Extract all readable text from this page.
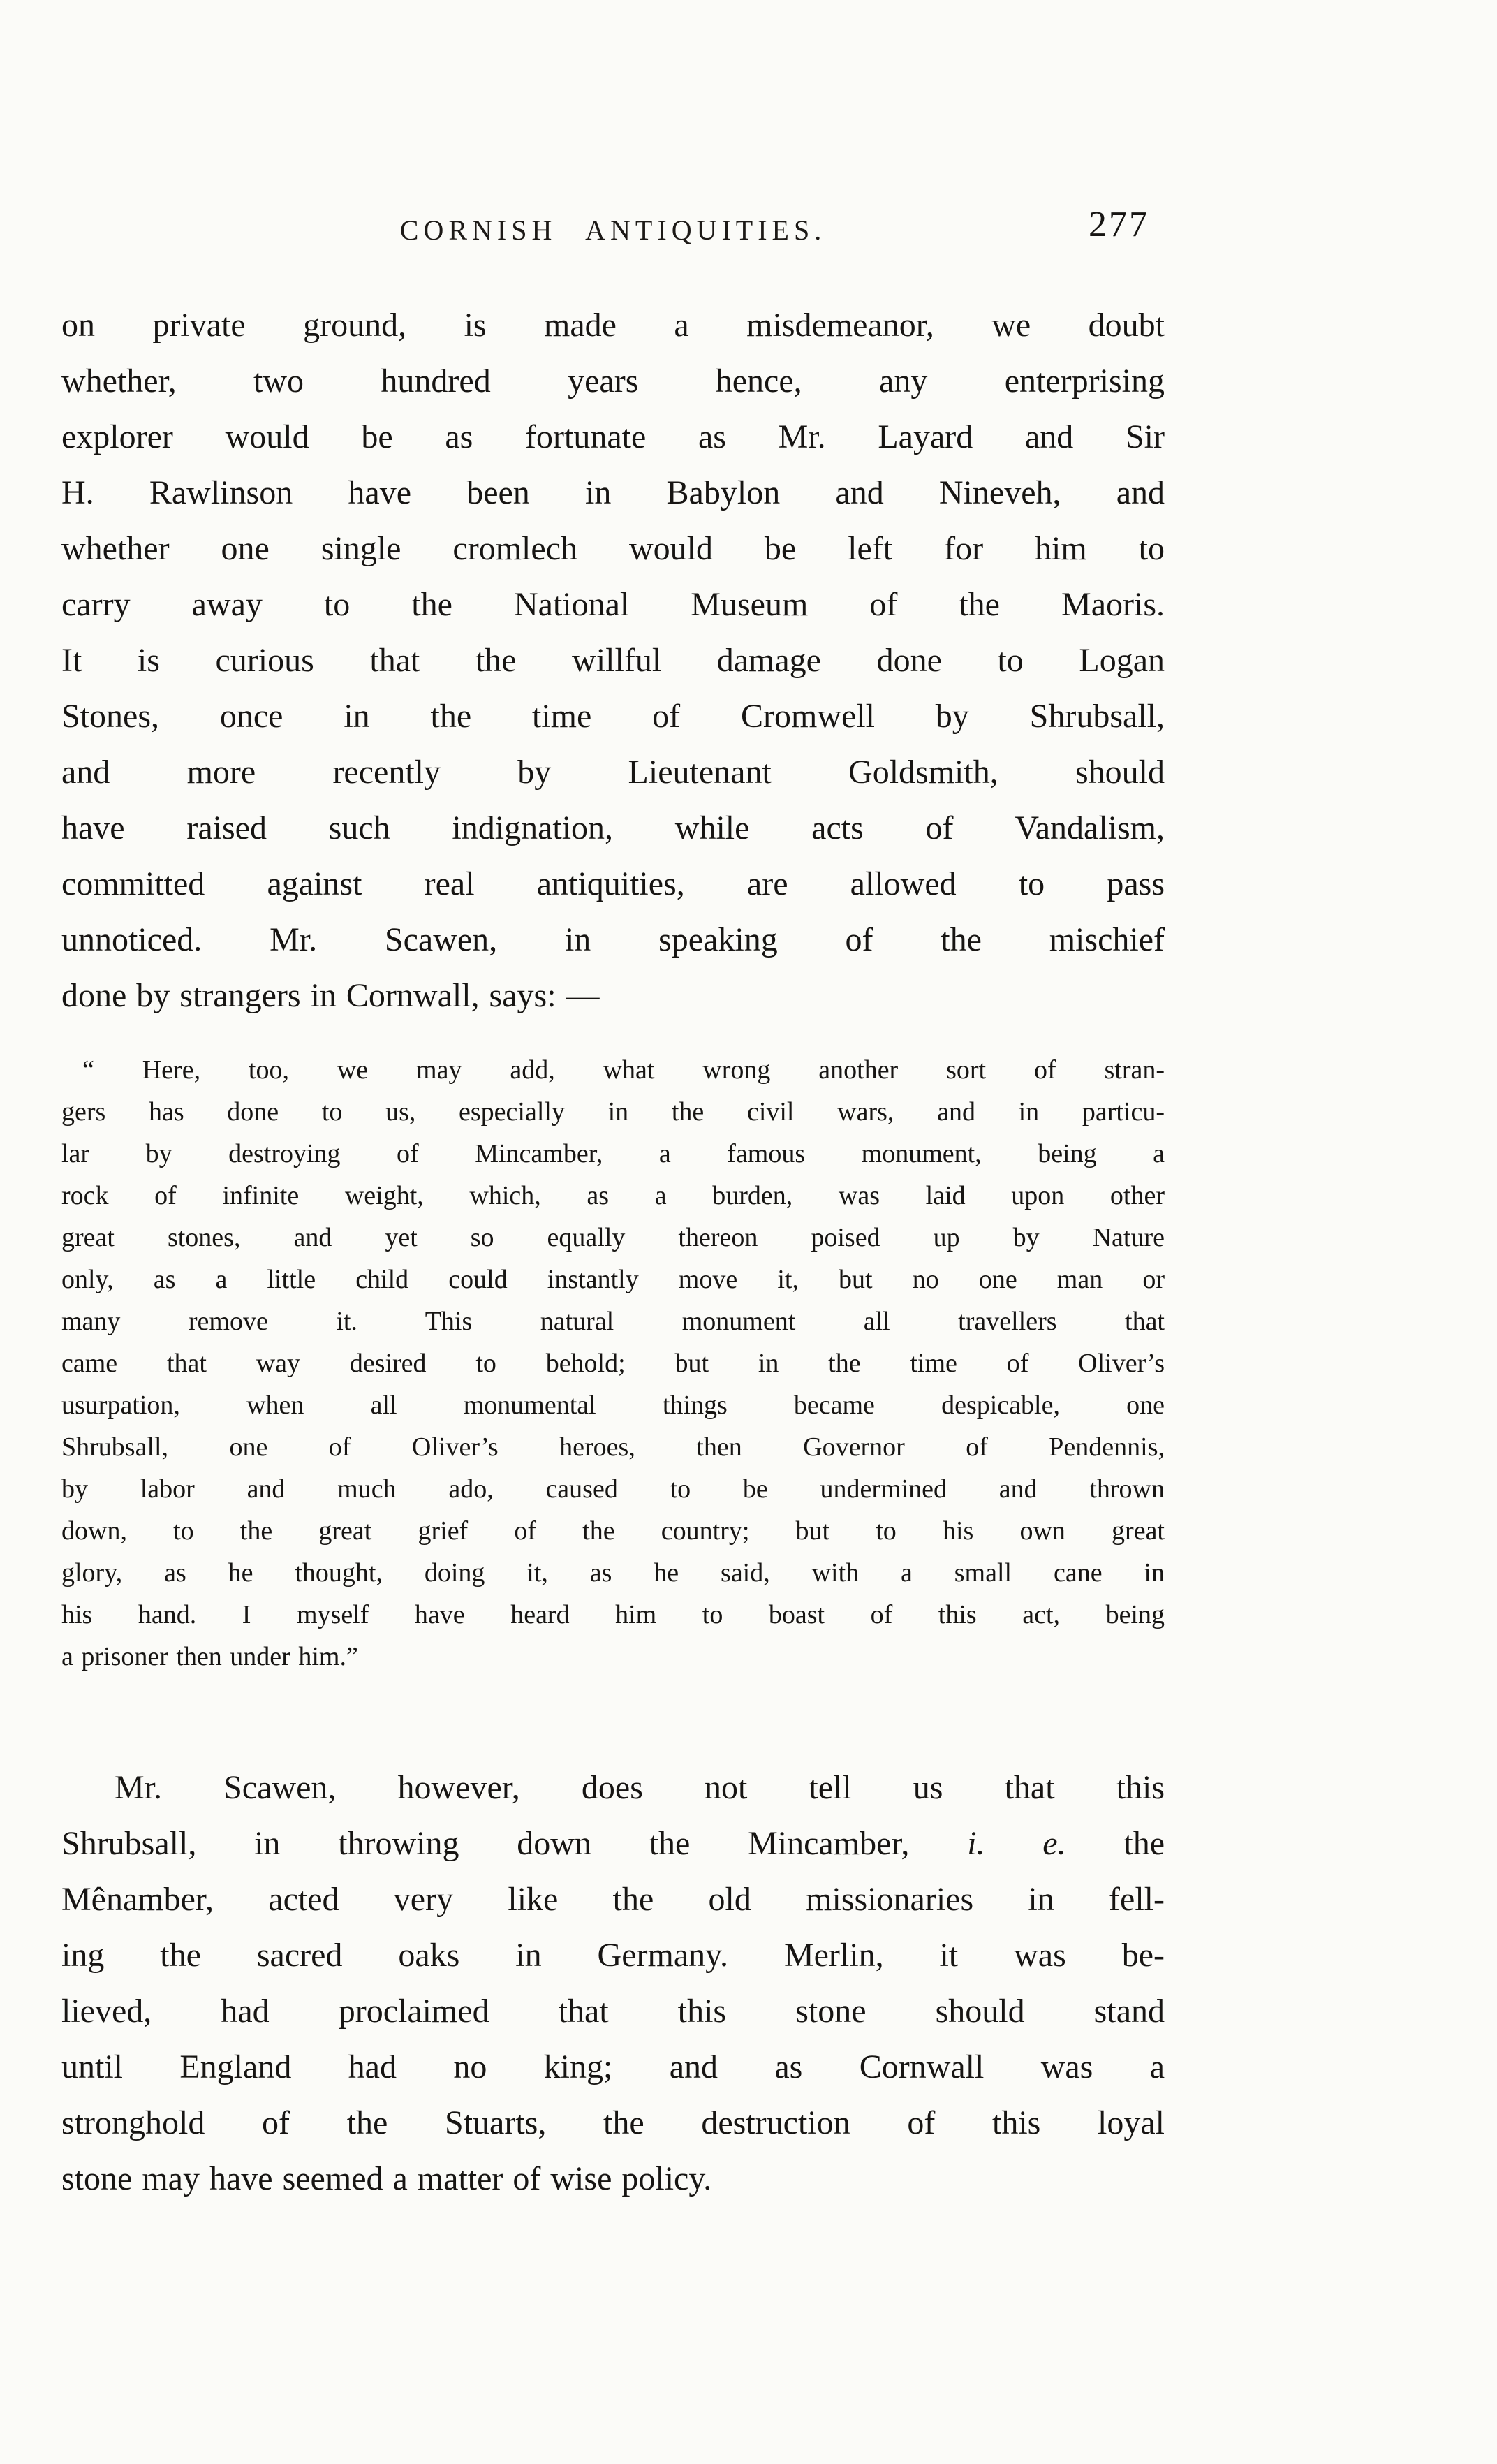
CORNISH ANTIQUITIES.	277
on private ground, is made a misdemeanor, we doubt
whether, two hundred years hence, any enterprising
explorer would be as fortunate as Mr. Layard and Sir
H. Rawlinson have been in Babylon and Nineveh, and
whether one single cromlech would be left for him to
carry away to the National Museum of the Maoris.
It is curious that the willful damage done to Logan
Stones, once in the time of Cromwell by Shrubsall,
and more recently by Lieutenant Goldsmith, should
have raised such indignation, while acts of Vandalism,
committed against real antiquities, are allowed to pass
unnoticed. Mr. Scawen, in speaking of the mischief
done by strangers in Cornwall, says: —
“ Here, too, we may add, what wrong another sort of stran-
gers has done to us, especially in the civil wars, and in particu-
lar by destroying of Mincamber, a famous monument, being a
rock of infinite weight, which, as a burden, was laid upon other
great stones, and yet so equally thereon poised up by Nature
only, as a little child could instantly move it, but no one man or
many remove it. This natural monument all travellers that
came that way desired to behold; but in the time of Oliver’s
usurpation, when all monumental things became despicable, one
Shrubsall, one of Oliver’s heroes, then Governor of Pendennis,
by labor and much ado, caused to be undermined and thrown
down, to the great grief of the country; but to his own great
glory, as he thought, doing it, as he said, with a small cane in
his hand. I myself have heard him to boast of this act, being
a prisoner then under him.”
Mr. Scawen, however, does not tell us that this
Shrubsall, in throwing down the Mincamber, i. e. the
Mênamber, acted very like the old missionaries in fell-
ing the sacred oaks in Germany. Merlin, it was be-
lieved, had proclaimed that this stone should stand
until England had no king; and as Cornwall was a
stronghold of the Stuarts, the destruction of this loyal
stone may have seemed a matter of wise policy.
